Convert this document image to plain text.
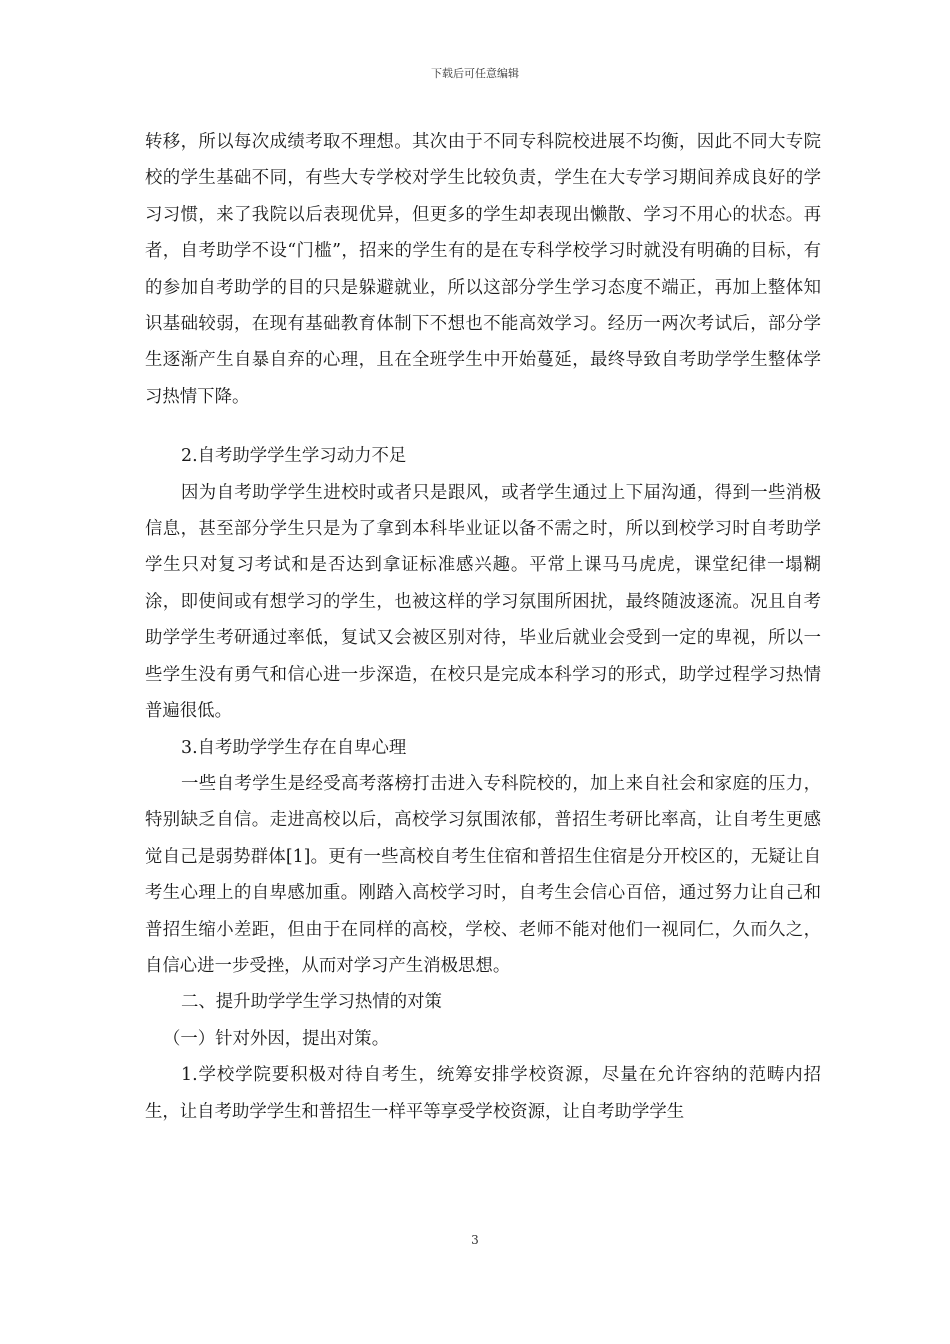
下载后可任意编辑

转移，所以每次成绩考取不理想。其次由于不同专科院校进展不均衡，因此不同大专院校的学生基础不同，有些大专学校对学生比较负责，学生在大专学习期间养成良好的学习习惯，来了我院以后表现优异，但更多的学生却表现出懒散、学习不用心的状态。再者，自考助学不设“门槛”，招来的学生有的是在专科学校学习时就没有明确的目标，有的参加自考助学的目的只是躲避就业，所以这部分学生学习态度不端正，再加上整体知识基础较弱，在现有基础教育体制下不想也不能高效学习。经历一两次考试后，部分学生逐渐产生自暴自弃的心理，且在全班学生中开始蔓延，最终导致自考助学学生整体学习热情下降。

2.自考助学学生学习动力不足

因为自考助学学生进校时或者只是跟风，或者学生通过上下届沟通，得到一些消极信息，甚至部分学生只是为了拿到本科毕业证以备不需之时，所以到校学习时自考助学学生只对复习考试和是否达到拿证标准感兴趣。平常上课马马虎虎，课堂纪律一塌糊涂，即使间或有想学习的学生，也被这样的学习氛围所困扰，最终随波逐流。况且自考助学学生考研通过率低，复试又会被区别对待，毕业后就业会受到一定的卑视，所以一些学生没有勇气和信心进一步深造，在校只是完成本科学习的形式，助学过程学习热情普遍很低。

3.自考助学学生存在自卑心理

一些自考学生是经受高考落榜打击进入专科院校的，加上来自社会和家庭的压力，特别缺乏自信。走进高校以后，高校学习氛围浓郁，普招生考研比率高，让自考生更感觉自己是弱势群体[1]。更有一些高校自考生住宿和普招生住宿是分开校区的，无疑让自考生心理上的自卑感加重。刚踏入高校学习时，自考生会信心百倍，通过努力让自己和普招生缩小差距，但由于在同样的高校，学校、老师不能对他们一视同仁，久而久之，自信心进一步受挫，从而对学习产生消极思想。

二、提升助学学生学习热情的对策

（一）针对外因，提出对策。

1.学校学院要积极对待自考生，统筹安排学校资源，尽量在允许容纳的范畴内招生，让自考助学学生和普招生一样平等享受学校资源，让自考助学学生

3
